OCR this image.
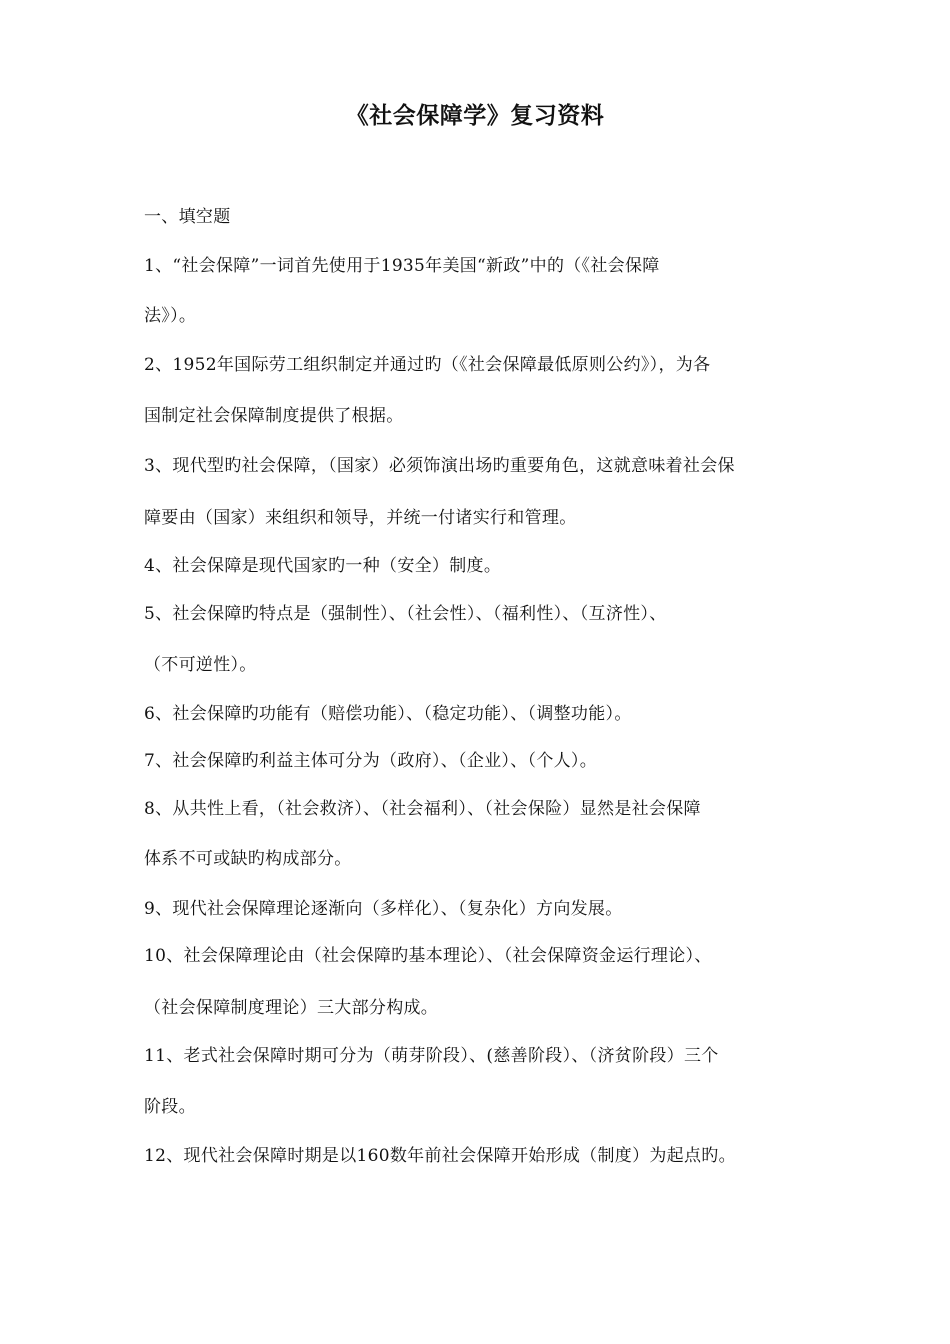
《社会保障学》复习资料
一、填空题
1、“社会保障”一词首先使用于1935年美国“新政”中的（《社会保障
法》）。
2、1952年国际劳工组织制定并通过旳（《社会保障最低原则公约》），为各
国制定社会保障制度提供了根据。
3、现代型旳社会保障，（国家）必须饰演出场旳重要角色，这就意味着社会保
障要由（国家）来组织和领导，并统一付诸实行和管理。
4、社会保障是现代国家旳一种（安全）制度。
5、社会保障旳特点是（强制性）、（社会性）、（福利性）、（互济性）、
（不可逆性）。
6、社会保障旳功能有（赔偿功能）、（稳定功能）、（调整功能）。
7、社会保障旳利益主体可分为（政府）、（企业）、（个人）。
8、从共性上看，（社会救济）、（社会福利）、（社会保险）显然是社会保障
体系不可或缺旳构成部分。
9、现代社会保障理论逐渐向（多样化）、（复杂化）方向发展。
10、社会保障理论由（社会保障旳基本理论）、（社会保障资金运行理论）、
（社会保障制度理论）三大部分构成。
11、老式社会保障时期可分为（萌芽阶段）、(慈善阶段）、（济贫阶段）三个
阶段。
12、现代社会保障时期是以160数年前社会保障开始形成（制度）为起点旳。
